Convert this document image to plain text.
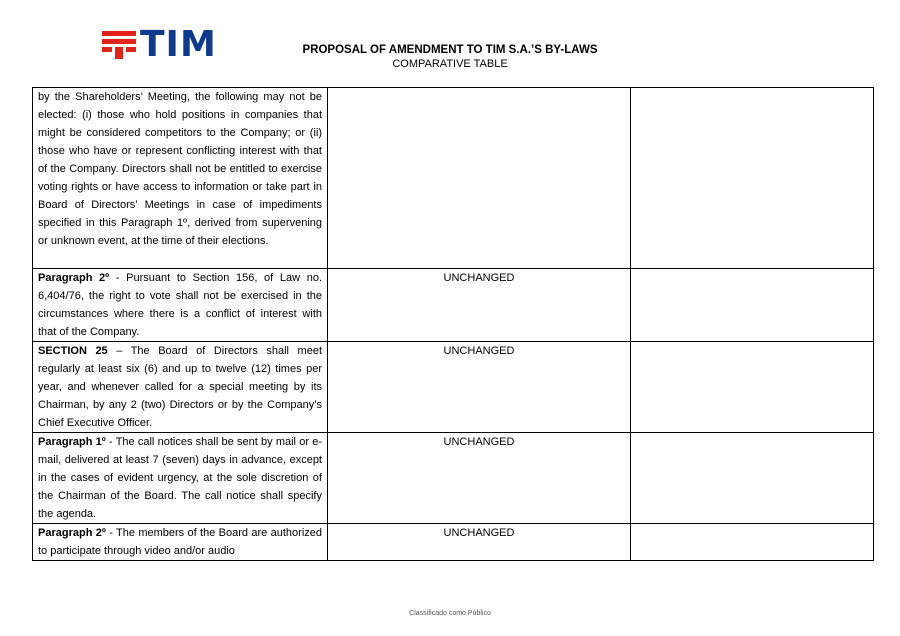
TIM	PROPOSAL OF AMENDMENT TO TIM S.A.’S BY-LAWS
COMPARATIVE TABLE
by the Shareholders’ Meeting, the following may not be elected: (i) those who hold positions in companies that might be considered competitors to the Company; or (ii) those who have or represent conflicting interest with that of the Company. Directors shall not be entitled to exercise voting rights or have access to information or take part in Board of Directors’ Meetings in case of impediments specified in this Paragraph 1º, derived from supervening or unknown event, at the time of their elections.		
Paragraph 2º - Pursuant to Section 156, of Law no. 6,404/76, the right to vote shall not be exercised in the circumstances where there is a conflict of interest with that of the Company.	UNCHANGED	
SECTION 25 – The Board of Directors shall meet regularly at least six (6) and up to twelve (12) times per year, and whenever called for a special meeting by its Chairman, by any 2 (two) Directors or by the Company’s Chief Executive Officer.	UNCHANGED	
Paragraph 1º - The call notices shall be sent by mail or e-mail, delivered at least 7 (seven) days in advance, except in the cases of evident urgency, at the sole discretion of the Chairman of the Board. The call notice shall specify the agenda.	UNCHANGED	
Paragraph 2º - The members of the Board are authorized to participate through video and/or audio	UNCHANGED	
Classificado como Público
